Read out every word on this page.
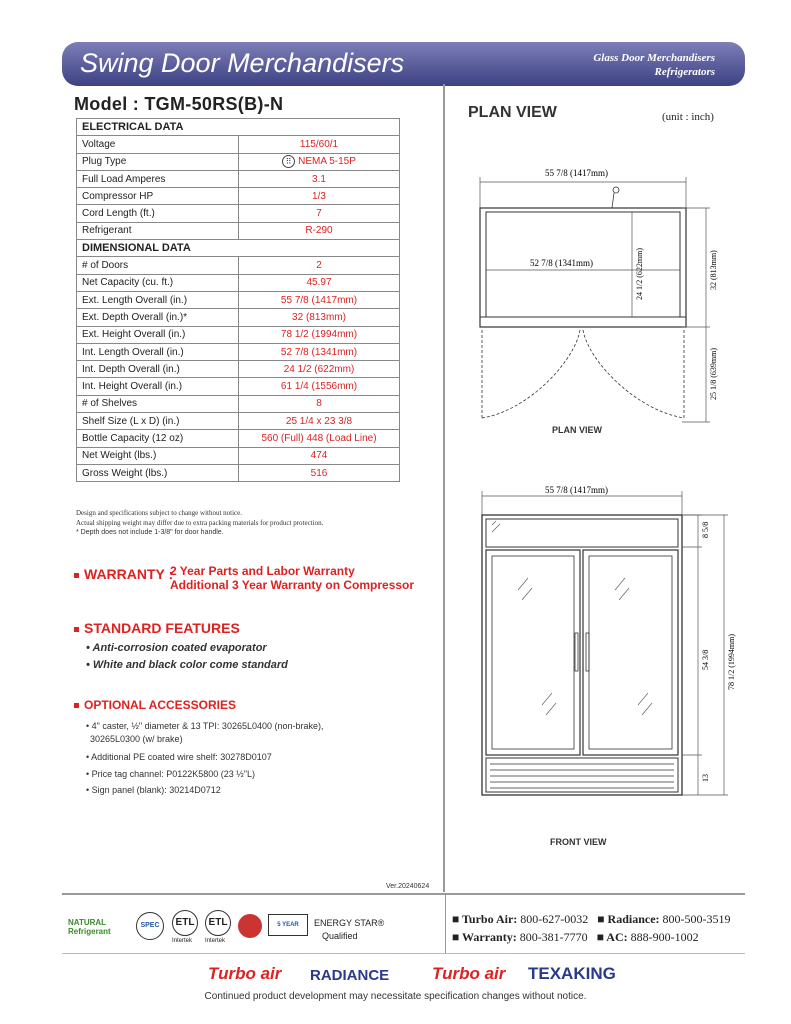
Swing Door Merchandisers	Glass Door Merchandisers
Refrigerators
Model : TGM-50RS(B)-N
ELECTRICAL DATA	
Voltage	115/60/1
Plug Type	⠿ NEMA 5-15P
Full Load Amperes	3.1
Compressor HP	1/3
Cord Length (ft.)	7
Refrigerant	R-290
DIMENSIONAL DATA	
# of Doors	2
Net Capacity (cu. ft.)	45.97
Ext. Length Overall (in.)	55 7/8 (1417mm)
Ext. Depth Overall (in.)*	32 (813mm)
Ext. Height Overall (in.)	78 1/2 (1994mm)
Int. Length Overall (in.)	52 7/8 (1341mm)
Int. Depth Overall (in.)	24 1/2 (622mm)
Int. Height Overall (in.)	61 1/4 (1556mm)
# of Shelves	8
Shelf Size (L x D) (in.)	25 1/4 x 23 3/8
Bottle Capacity (12 oz)	560 (Full) 448 (Load Line)
Net Weight (lbs.)	474
Gross Weight (lbs.)	516
Design and specifications subject to change without notice.
Actual shipping weight may differ due to extra packing materials for product protection.
* Depth does not include 1-3/8" for door handle.
WARRANTY :
2 Year Parts and Labor Warranty
Additional 3 Year Warranty on Compressor
STANDARD FEATURES
• Anti-corrosion coated evaporator
• White and black color come standard
OPTIONAL ACCESSORIES
• 4" caster, ½" diameter & 13 TPI: 30265L0400 (non-brake),
30265L0300 (w/ brake)
• Additional PE coated wire shelf: 30278D0107
• Price tag channel: P0122K5800 (23 ½"L)
• Sign panel (blank): 30214D0712
PLAN VIEW	(unit : inch)
55 7/8 (1417mm)
52 7/8 (1341mm)	24 1/2 (622mm)	32 (813mm)
25 1/8 (639mm)
PLAN VIEW
55 7/8 (1417mm)
8 5/8
54 3/8 78 1/2 (1994mm)
13
FRONT VIEW
Ver.20240624
NATURAL
Refrigerant
SPEC	ETL
Intertek
ETL
Intertek
5 YEAR	ENERGY STAR®
Qualified
■ Turbo Air: 800-627-0032 ■ Radiance: 800-500-3519
■ Warranty: 800-381-7770 ■ AC: 888-900-1002
Turbo air RADIANCE	Turbo air TEXAKING
Continued product development may necessitate specification changes without notice.
